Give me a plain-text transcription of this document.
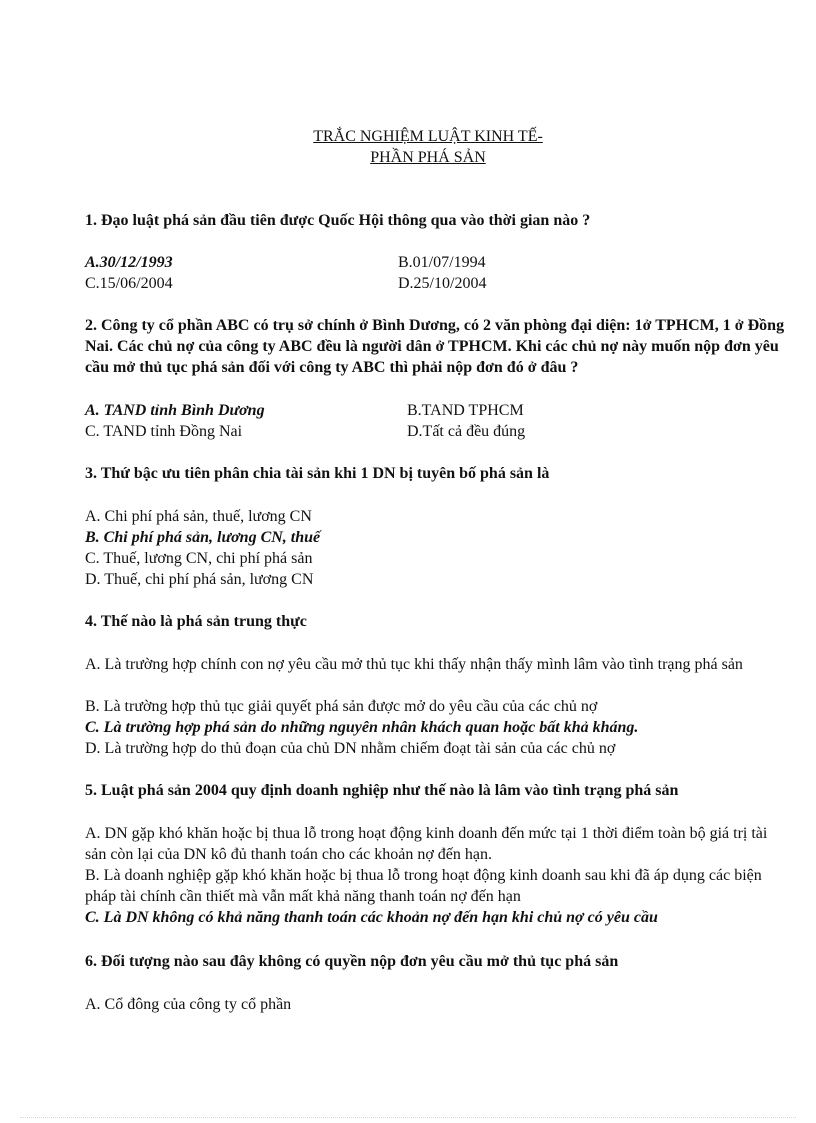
TRẮC NGHIỆM LUẬT KINH TẾ-
PHẦN PHÁ SẢN
1. Đạo luật phá sản đầu tiên được Quốc Hội thông qua vào thời gian nào ?
A.30/12/1993	B.01/07/1994
C.15/06/2004	D.25/10/2004
2. Công ty cổ phần ABC có trụ sở chính ở Bình Dương, có 2 văn phòng đại diện: 1ở TPHCM, 1 ở Đồng Nai. Các chủ nợ của công ty ABC đều là người dân ở TPHCM. Khi các chủ nợ này muốn nộp đơn yêu cầu mở thủ tục phá sản đối với công ty ABC thì phải nộp đơn đó ở đâu ?
A. TAND tỉnh Bình Dương	B.TAND TPHCM
C. TAND tỉnh Đồng Nai	D.Tất cả đều đúng
3. Thứ bậc ưu tiên phân chia tài sản khi 1 DN bị tuyên bố phá sản là
A. Chi phí phá sản, thuế, lương CN
B. Chi phí phá sản, lương CN, thuế
C. Thuế, lương CN, chi phí phá sản
D. Thuế, chi phí phá sản, lương CN
4. Thế nào là phá sản trung thực
A. Là trường hợp chính con nợ yêu cầu mở thủ tục khi thấy nhận thấy mình lâm vào tình trạng phá sản
B. Là trường hợp thủ tục giải quyết phá sản được mở do yêu cầu của các chủ nợ
C. Là trường hợp phá sản do những nguyên nhân khách quan hoặc bất khả kháng.
D. Là trường hợp do thủ đoạn của chủ DN nhằm chiếm đoạt tài sản của các chủ nợ
5. Luật phá sản 2004 quy định doanh nghiệp như thế nào là lâm vào tình trạng phá sản
A. DN gặp khó khăn hoặc bị thua lỗ trong hoạt động kinh doanh đến mức tại 1 thời điểm toàn bộ giá trị tài sản còn lại của DN kô đủ thanh toán cho các khoản nợ đến hạn.
B. Là doanh nghiệp gặp khó khăn hoặc bị thua lỗ trong hoạt động kinh doanh sau khi đã áp dụng các biện pháp tài chính cần thiết mà vẫn mất khả năng thanh toán nợ đến hạn
C. Là DN không có khả năng thanh toán các khoản nợ đến hạn khi chủ nợ có yêu cầu
6. Đối tượng nào sau đây không có quyền nộp đơn yêu cầu mở thủ tục phá sản
A. Cổ đông của công ty cổ phần
